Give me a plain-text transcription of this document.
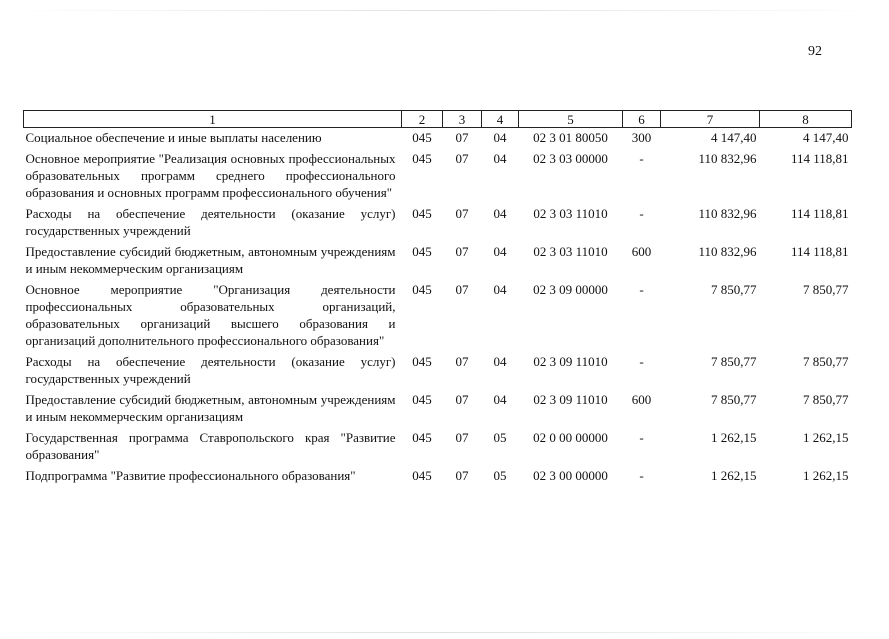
92
1	2	3	4	5	6	7	8
Социальное обеспечение и иные выплаты населению	045	07	04	02 3 01 80050	300	4 147,40	4 147,40
Основное мероприятие "Реализация основных профессиональных образовательных программ среднего профессионального образования и основных программ профессионального обучения"	045	07	04	02 3 03 00000	-	110 832,96	114 118,81
Расходы на обеспечение деятельности (оказание услуг) государственных учреждений	045	07	04	02 3 03 11010	-	110 832,96	114 118,81
Предоставление субсидий бюджетным, автономным учреждениям и иным некоммерческим организациям	045	07	04	02 3 03 11010	600	110 832,96	114 118,81
Основное мероприятие "Организация деятельности профессиональных образовательных организаций, образовательных организаций высшего образования и организаций дополнительного профессионального образования"	045	07	04	02 3 09 00000	-	7 850,77	7 850,77
Расходы на обеспечение деятельности (оказание услуг) государственных учреждений	045	07	04	02 3 09 11010	-	7 850,77	7 850,77
Предоставление субсидий бюджетным, автономным учреждениям и иным некоммерческим организациям	045	07	04	02 3 09 11010	600	7 850,77	7 850,77
Государственная программа Ставропольского края "Развитие образования"	045	07	05	02 0 00 00000	-	1 262,15	1 262,15
Подпрограмма "Развитие профессионального образования"	045	07	05	02 3 00 00000	-	1 262,15	1 262,15
